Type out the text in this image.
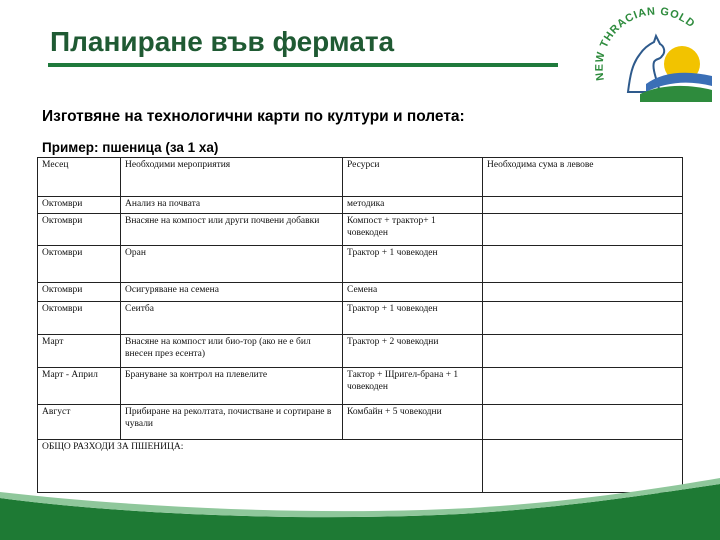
Планиране във фермата
NEW THRACIAN GOLD
Изготвяне на технологични карти по култури и полета:
Пример: пшеница (за 1 ха)
Месец	Необходими мероприятия	Ресурси	Необходима сума в левове
Октомври	Анализ на почвата	методика	
Октомври	Внасяне на компост или други почвени добавки	Компост + трактор+ 1 човекоден	
Октомври	Оран	Трактор + 1 човекоден	
Октомври	Осигуряване на семена	Семена	
Октомври	Сеитба	Трактор + 1 човекоден	
Март	Внасяне на компост или био-тор (ако не е бил внесен през есента)	Трактор + 2 човекодни	
Март - Април	Брануване за контрол на плевелите	Тактор + Щригел-брана + 1 човекоден	
Август	Прибиране на реколтата, почистване и сортиране в чували	Комбайн + 5 човекодни	
ОБЩО РАЗХОДИ ЗА ПШЕНИЦА:			
